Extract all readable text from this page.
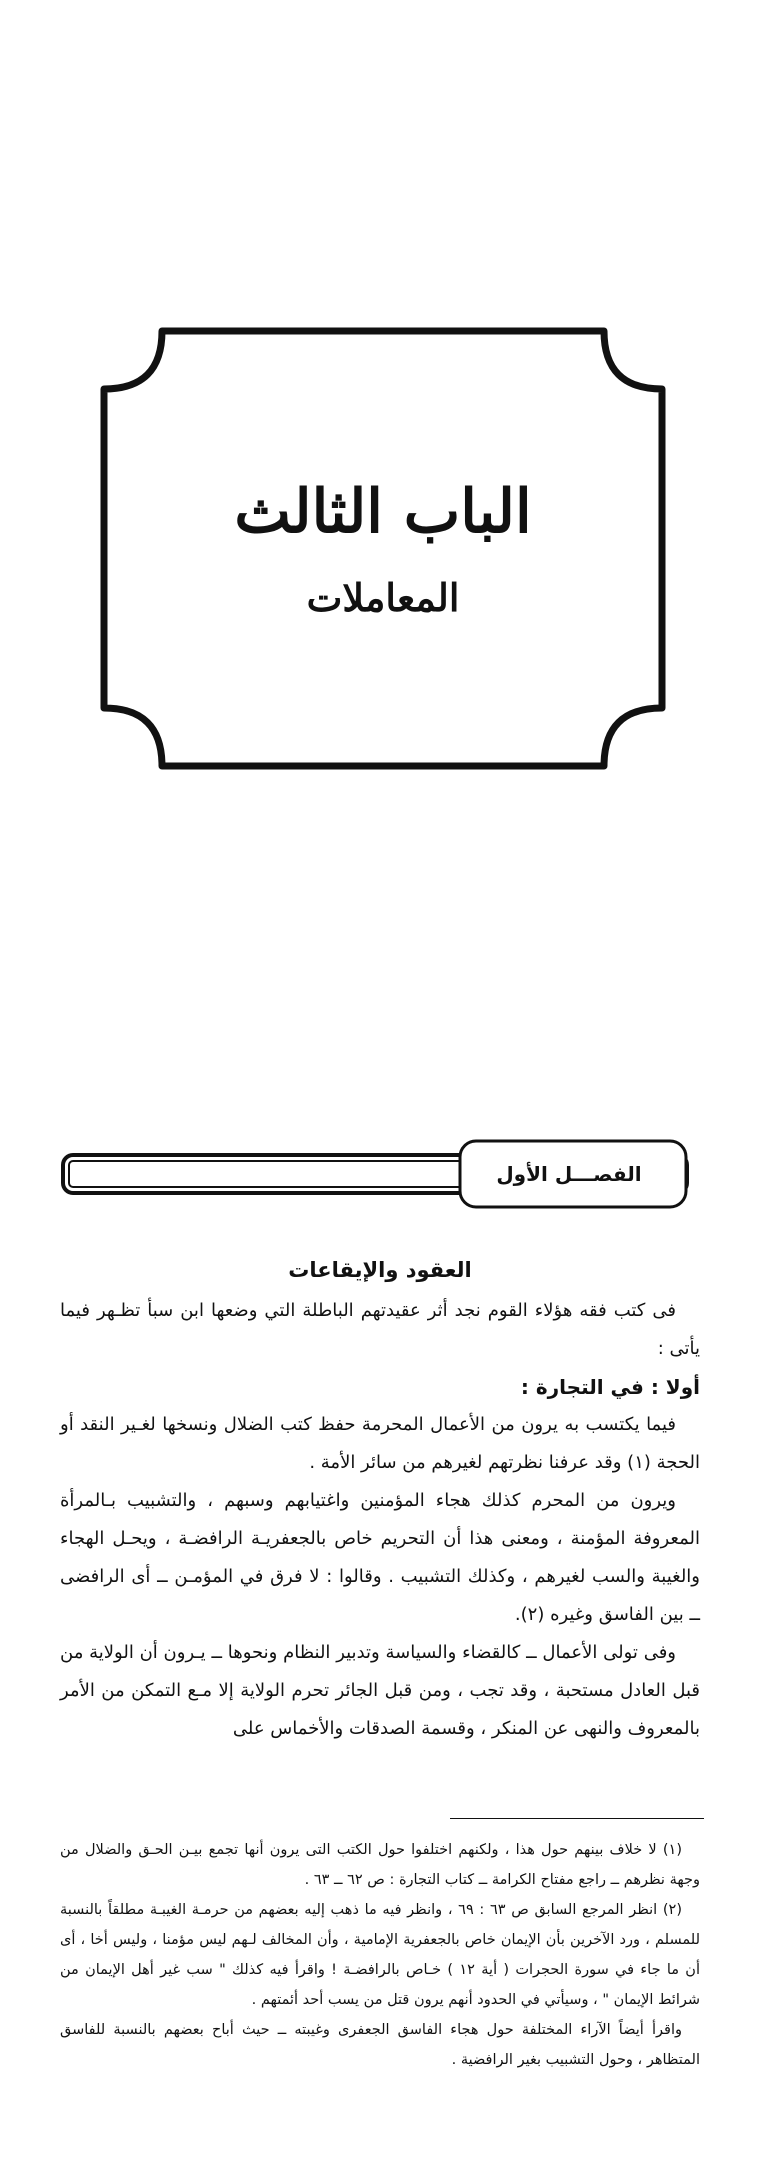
الباب الثالث
المعاملات
الفصـــل الأول
العقود والإيقاعات

فى كتب فقه هؤلاء القوم نجد أثر عقيدتهم الباطلة التي وضعها ابن سبأ تظـهر فيما يأتى :

أولا : في التجارة :

فيما يكتسب به يرون من الأعمال المحرمة حفظ كتب الضلال ونسخها لغـير النقد أو الحجة (١) وقد عرفنا نظرتهم لغيرهم من سائر الأمة .

ويرون من المحرم كذلك هجاء المؤمنين واغتيابهم وسبهم ، والتشبيب بـالمرأة المعروفة المؤمنة ، ومعنى هذا أن التحريم خاص بالجعفريـة الرافضـة ، ويحـل الهجاء والغيبة والسب لغيرهم ، وكذلك التشبيب . وقالوا : لا فرق في المؤمـن ــ أى الرافضى ــ بين الفاسق وغيره (٢).

وفى تولى الأعمال ــ كالقضاء والسياسة وتدبير النظام ونحوها ــ يـرون أن الولاية من قبل العادل مستحبة ، وقد تجب ، ومن قبل الجائر تحرم الولاية إلا مـع التمكن من الأمر بالمعروف والنهى عن المنكر ، وقسمة الصدقات والأخماس على

(١) لا خلاف بينهم حول هذا ، ولكنهم اختلفوا حول الكتب التى يرون أنها تجمع بيـن الحـق والضلال من وجهة نظرهم ــ راجع مفتاح الكرامة ــ كتاب التجارة : ص ٦٢ ــ ٦٣ .

(٢) انظر المرجع السابق ص ٦٣ : ٦٩ ، وانظر فيه ما ذهب إليه بعضهم من حرمـة الغيبـة مطلقاً بالنسبة للمسلم ، ورد الآخرين بأن الإيمان خاص بالجعفرية الإمامية ، وأن المخالف لـهم ليس مؤمنا ، وليس أخا ، أى أن ما جاء في سورة الحجرات ( أية ١٢ ) خـاص بالرافضـة ! واقرأ فيه كذلك " سب غير أهل الإيمان من شرائط الإيمان " ، وسيأتي في الحدود أنهم يرون قتل من يسب أحد أئمتهم .

واقرأ أيضاً الآراء المختلفة حول هجاء الفاسق الجعفرى وغيبته ــ حيث أباح بعضهم بالنسبة للفاسق المتظاهر ، وحول التشبيب بغير الرافضية .
